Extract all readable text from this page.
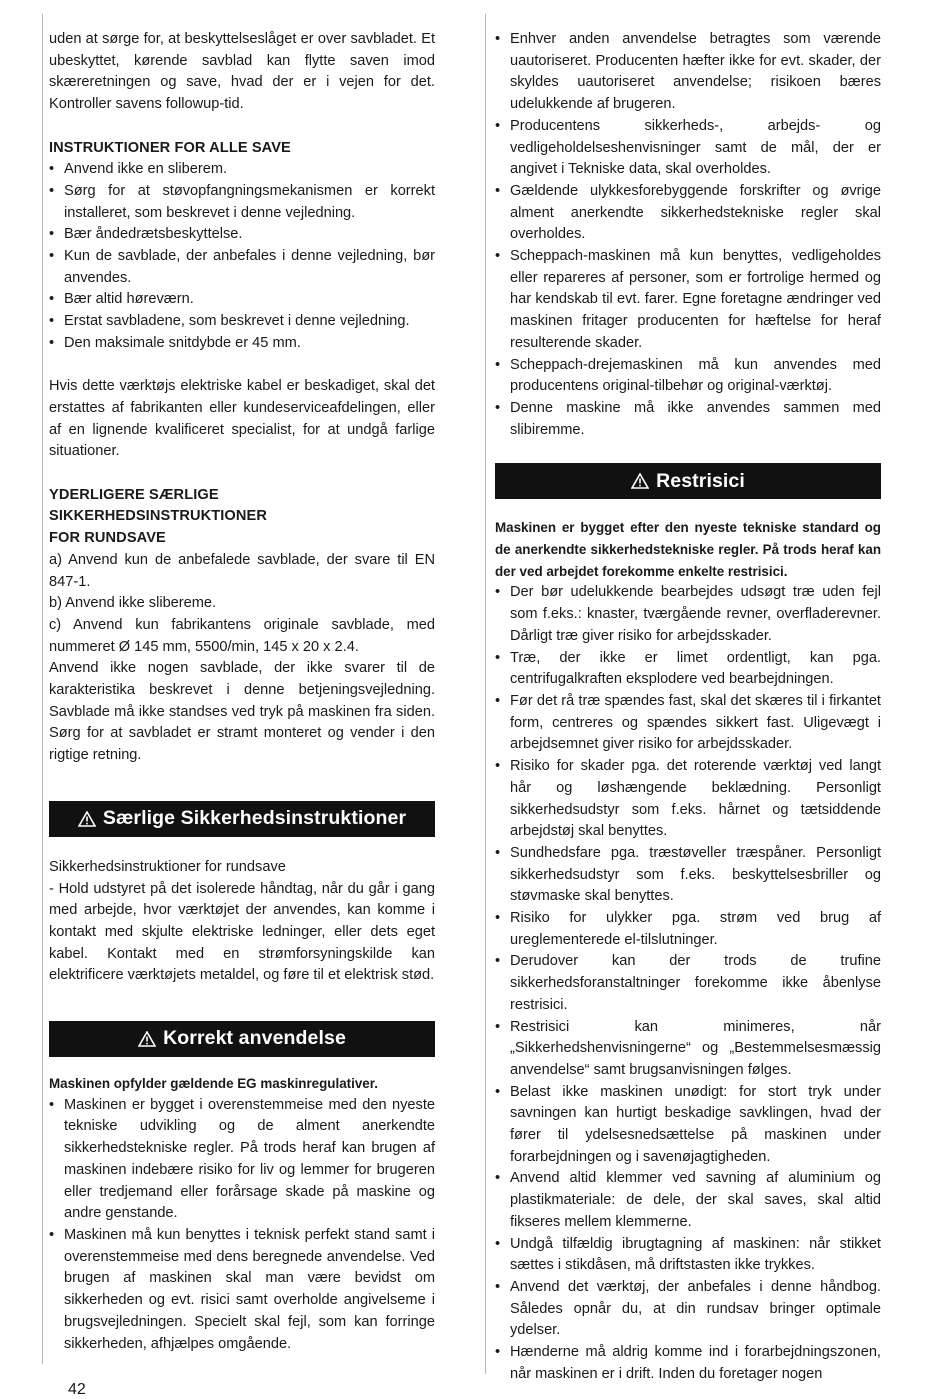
uden at sørge for, at beskyttelseslåget er over savbladet. Et ubeskyttet, kørende savblad kan flytte saven imod skæreretningen og save, hvad der er i vejen for det. Kontroller savens followup-tid.

INSTRUKTIONER FOR ALLE SAVE
• Anvend ikke en sliberem.
• Sørg for at støvopfangningsmekanismen er korrekt installeret, som beskrevet i denne vejledning.
• Bær åndedrætsbeskyttelse.
• Kun de savblade, der anbefales i denne vejledning, bør anvendes.
• Bær altid høreværn.
• Erstat savbladene, som beskrevet i denne vejledning.
• Den maksimale snitdybde er 45 mm.

Hvis dette værktøjs elektriske kabel er beskadiget, skal det erstattes af fabrikanten eller kundeserviceafdelingen, eller af en lignende kvalificeret specialist, for at undgå farlige situationer.

YDERLIGERE SÆRLIGE SIKKERHEDSINSTRUKTIONER
FOR RUNDSAVE

a) Anvend kun de anbefalede savblade, der svare til EN 847-1.

b) Anvend ikke slibereme.

c) Anvend kun fabrikantens originale savblade, med nummeret Ø 145 mm, 5500/min, 145 x 20 x 2.4.

Anvend ikke nogen savblade, der ikke svarer til de karakteristika beskrevet i denne betjeningsvejledning. Savblade må ikke standses ved tryk på maskinen fra siden. Sørg for at savbladet er stramt monteret og vender i den rigtige retning.

Særlige Sikkerhedsinstruktioner

Sikkerhedsinstruktioner for rundsave

- Hold udstyret på det isolerede håndtag, når du går i gang med arbejde, hvor værktøjet der anvendes, kan komme i kontakt med skjulte elektriske ledninger, eller dets eget kabel. Kontakt med en strømforsyningskilde kan elektrificere værktøjets metaldel, og føre til et elektrisk stød.

Korrekt anvendelse

Maskinen opfylder gældende EG maskinregulativer.

• Maskinen er bygget i overenstemmeise med den nyeste tekniske udvikling og de alment anerkendte sikkerhedstekniske regler. På trods heraf kan brugen af maskinen indebære risiko for liv og lemmer for brugeren eller tredjemand eller forårsage skade på maskine og andre genstande.
• Maskinen må kun benyttes i teknisk perfekt stand samt i overenstemmeise med dens beregnede anvendelse. Ved brugen af maskinen skal man være bevidst om sikkerheden og evt. risici samt overholde angivelseme i brugsvejledningen. Specielt skal fejl, som kan forringe sikkerheden, afhjælpes omgående.
• Enhver anden anvendelse betragtes som værende uautoriseret. Producenten hæfter ikke for evt. skader, der skyldes uautoriseret anvendelse; risikoen bæres udelukkende af brugeren.
• Producentens sikkerheds-, arbejds- og vedligeholdelseshenvisninger samt de mål, der er angivet i Tekniske data, skal overholdes.
• Gældende ulykkesforebyggende forskrifter og øvrige alment anerkendte sikkerhedstekniske regler skal overholdes.
• Scheppach-maskinen må kun benyttes, vedligeholdes eller repareres af personer, som er fortrolige hermed og har kendskab til evt. farer. Egne foretagne ændringer ved maskinen fritager producenten for hæftelse for heraf resulterende skader.
• Scheppach-drejemaskinen må kun anvendes med producentens original-tilbehør og original-værktøj.
• Denne maskine må ikke anvendes sammen med slibiremme.
Restrisici

Maskinen er bygget efter den nyeste tekniske standard og de anerkendte sikkerhedstekniske regler. På trods heraf kan der ved arbejdet forekomme enkelte restrisici.

• Der bør udelukkende bearbejdes udsøgt træ uden fejl som f.eks.: knaster, tværgående revner, overfladerevner. Dårligt træ giver risiko for arbejdsskader.
• Træ, der ikke er limet ordentligt, kan pga. centrifugalkraften eksplodere ved bearbejdningen.
• Før det rå træ spændes fast, skal det skæres til i firkantet form, centreres og spændes sikkert fast. Uligevægt i arbejdsemnet giver risiko for arbejdsskader.
• Risiko for skader pga. det roterende værktøj ved langt hår og løshængende beklædning. Personligt sikkerhedsudstyr som f.eks. hårnet og tætsiddende arbejdstøj skal benyttes.
• Sundhedsfare pga. træstøveller træspåner. Personligt sikkerhedsudstyr som f.eks. beskyttelsesbriller og støvmaske skal benyttes.
• Risiko for ulykker pga. strøm ved brug af ureglementerede el-tilslutninger.
• Derudover kan der trods de trufine sikkerhedsforanstaltninger forekomme ikke åbenlyse restrisici.
• Restrisici kan minimeres, når „Sikkerhedshenvisningerne“ og „Bestemmelsesmæssig anvendelse“ samt brugsanvisningen følges.
• Belast ikke maskinen unødigt: for stort tryk under savningen kan hurtigt beskadige savklingen, hvad der fører til ydelsesnedsættelse på maskinen under forarbejdningen og i savenøjagtigheden.
• Anvend altid klemmer ved savning af aluminium og plastikmateriale: de dele, der skal saves, skal altid fikseres mellem klemmerne.
• Undgå tilfældig ibrugtagning af maskinen: når stikket sættes i stikdåsen, må driftstasten ikke trykkes.
• Anvend det værktøj, der anbefales i denne håndbog. Således opnår du, at din rundsav bringer optimale ydelser.
• Hænderne må aldrig komme ind i forarbejdningszonen, når maskinen er i drift. Inden du foretager nogen
42
